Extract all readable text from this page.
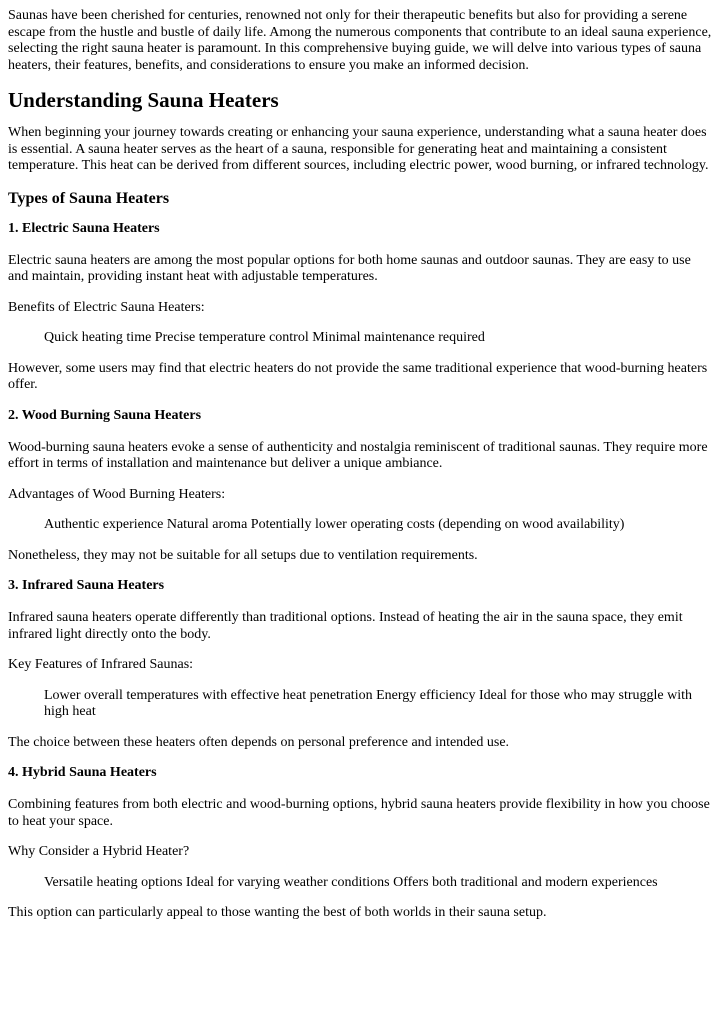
Saunas have been cherished for centuries, renowned not only for their therapeutic benefits but also for providing a serene escape from the hustle and bustle of daily life. Among the numerous components that contribute to an ideal sauna experience, selecting the right sauna heater is paramount. In this comprehensive buying guide, we will delve into various types of sauna heaters, their features, benefits, and considerations to ensure you make an informed decision.

Understanding Sauna Heaters

When beginning your journey towards creating or enhancing your sauna experience, understanding what a sauna heater does is essential. A sauna heater serves as the heart of a sauna, responsible for generating heat and maintaining a consistent temperature. This heat can be derived from different sources, including electric power, wood burning, or infrared technology.

Types of Sauna Heaters
1. Electric Sauna Heaters

Electric sauna heaters are among the most popular options for both home saunas and outdoor saunas. They are easy to use and maintain, providing instant heat with adjustable temperatures.

Benefits of Electric Sauna Heaters:

Quick heating time Precise temperature control Minimal maintenance required

However, some users may find that electric heaters do not provide the same traditional experience that wood-burning heaters offer.

2. Wood Burning Sauna Heaters

Wood-burning sauna heaters evoke a sense of authenticity and nostalgia reminiscent of traditional saunas. They require more effort in terms of installation and maintenance but deliver a unique ambiance.

Advantages of Wood Burning Heaters:

Authentic experience Natural aroma Potentially lower operating costs (depending on wood availability)

Nonetheless, they may not be suitable for all setups due to ventilation requirements.

3. Infrared Sauna Heaters

Infrared sauna heaters operate differently than traditional options. Instead of heating the air in the sauna space, they emit infrared light directly onto the body.

Key Features of Infrared Saunas:

Lower overall temperatures with effective heat penetration Energy efficiency Ideal for those who may struggle with high heat

The choice between these heaters often depends on personal preference and intended use.

4. Hybrid Sauna Heaters

Combining features from both electric and wood-burning options, hybrid sauna heaters provide flexibility in how you choose to heat your space.

Why Consider a Hybrid Heater?

Versatile heating options Ideal for varying weather conditions Offers both traditional and modern experiences

This option can particularly appeal to those wanting the best of both worlds in their sauna setup.
